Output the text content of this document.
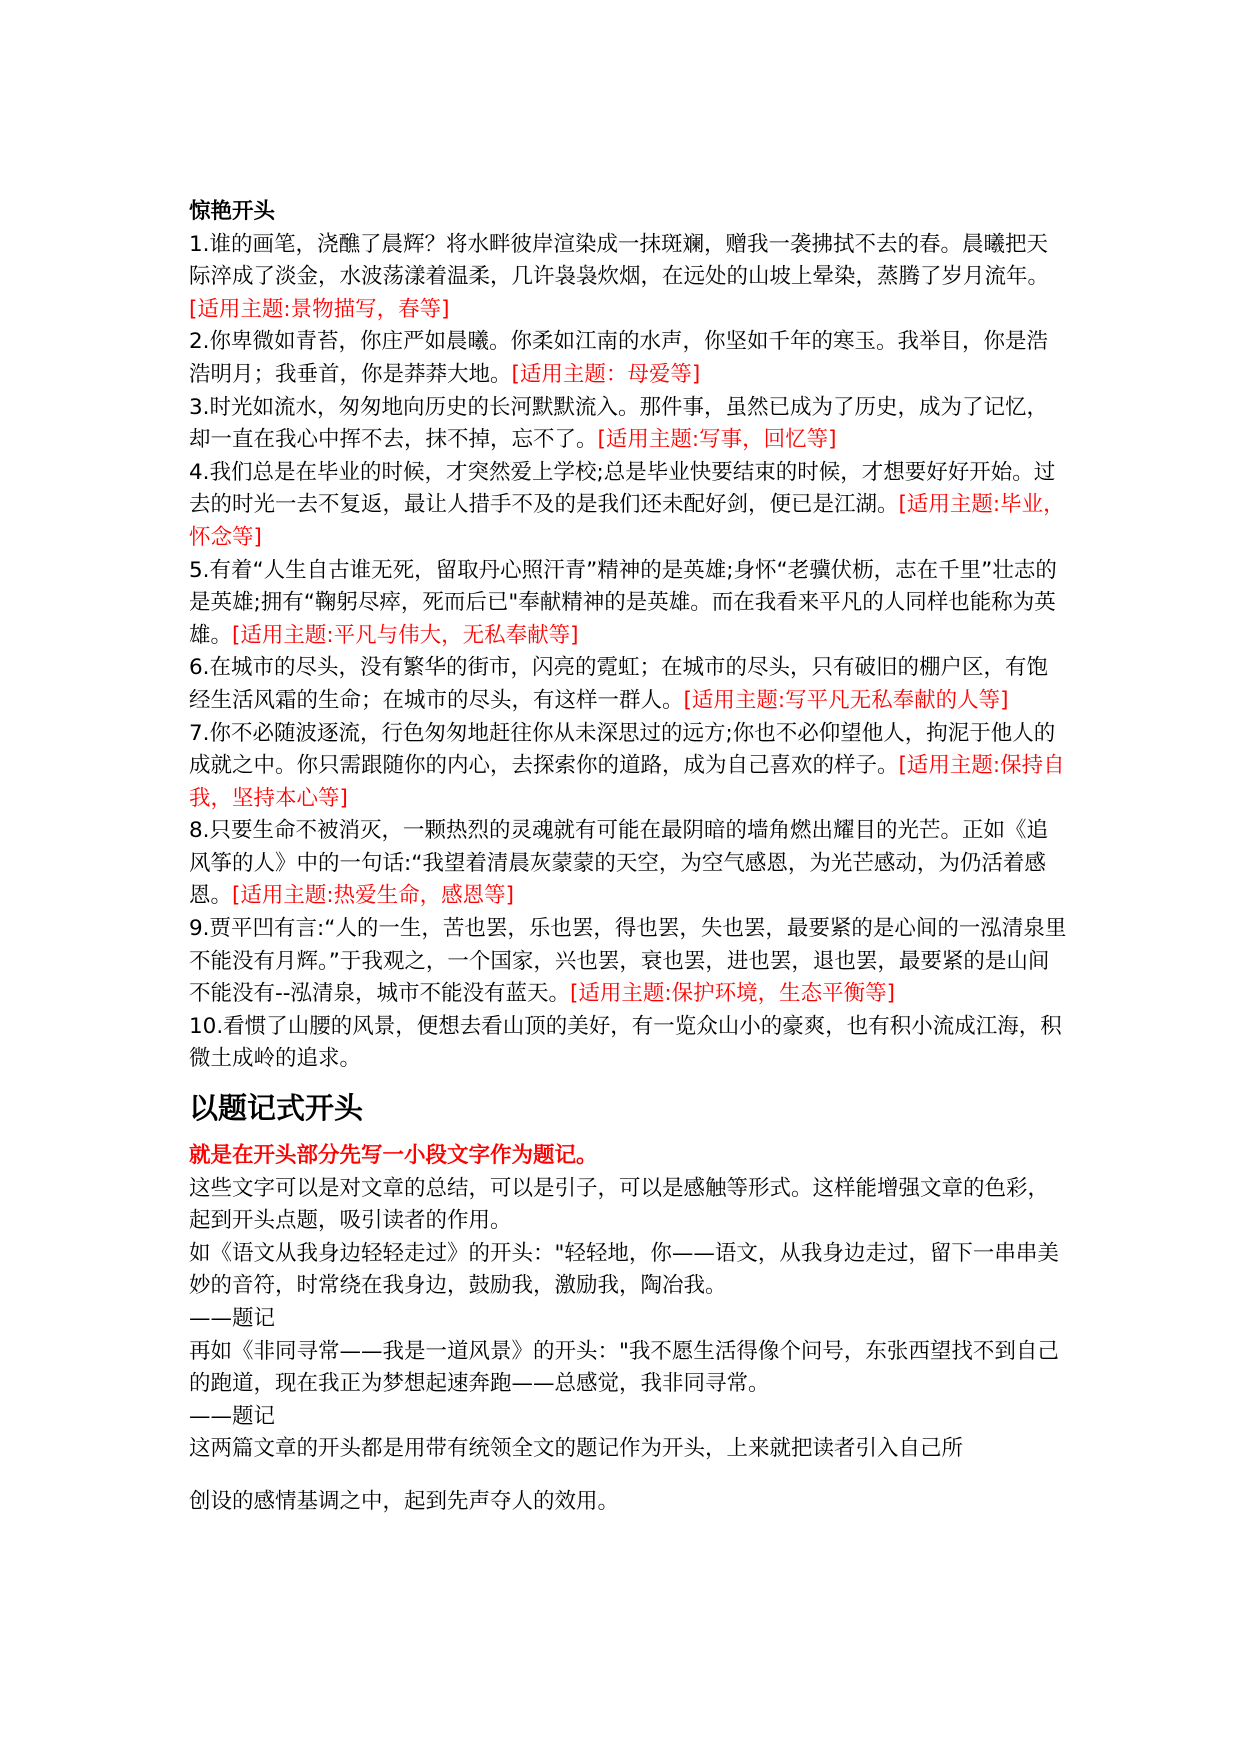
惊艳开头
1.谁的画笔，浇醮了晨辉？将水畔彼岸渲染成一抹斑斓，赠我一袭拂拭不去的春。晨曦把天际淬成了淡金，水波荡漾着温柔，几许袅袅炊烟，在远处的山坡上晕染，蒸腾了岁月流年。[适用主题:景物描写，春等]
2.你卑微如青苔，你庄严如晨曦。你柔如江南的水声，你坚如千年的寒玉。我举目，你是浩浩明月；我垂首，你是莽莽大地。[适用主题：母爱等]
3.时光如流水，匆匆地向历史的长河默默流入。那件事，虽然已成为了历史，成为了记忆，却一直在我心中挥不去，抹不掉，忘不了。[适用主题:写事，回忆等]
4.我们总是在毕业的时候，才突然爱上学校;总是毕业快要结束的时候，才想要好好开始。过去的时光一去不复返，最让人措手不及的是我们还未配好剑，便已是江湖。[适用主题:毕业，怀念等]
5.有着“人生自古谁无死，留取丹心照汗青”精神的是英雄;身怀“老骥伏枥，志在千里”壮志的是英雄;拥有“鞠躬尽瘁，死而后已"奉献精神的是英雄。而在我看来平凡的人同样也能称为英雄。[适用主题:平凡与伟大，无私奉献等]
6.在城市的尽头，没有繁华的街市，闪亮的霓虹；在城市的尽头，只有破旧的棚户区，有饱经生活风霜的生命；在城市的尽头，有这样一群人。[适用主题:写平凡无私奉献的人等]
7.你不必随波逐流，行色匆匆地赶往你从未深思过的远方;你也不必仰望他人，拘泥于他人的成就之中。你只需跟随你的内心，去探索你的道路，成为自己喜欢的样子。[适用主题:保持自我，坚持本心等]
8.只要生命不被消灭，一颗热烈的灵魂就有可能在最阴暗的墙角燃出耀目的光芒。正如《追风筝的人》中的一句话:“我望着清晨灰蒙蒙的天空，为空气感恩，为光芒感动，为仍活着感恩。[适用主题:热爱生命，感恩等]
9.贾平凹有言:“人的一生，苦也罢，乐也罢，得也罢，失也罢，最要紧的是心间的一泓清泉里不能没有月辉。”于我观之，一个国家，兴也罢，衰也罢，进也罢，退也罢，最要紧的是山间不能没有--泓清泉，城市不能没有蓝天。[适用主题:保护环境，生态平衡等]
10.看惯了山腰的风景，便想去看山顶的美好，有一览众山小的豪爽，也有积小流成江海，积微土成岭的追求。
以题记式开头
就是在开头部分先写一小段文字作为题记。
这些文字可以是对文章的总结，可以是引子，可以是感触等形式。这样能增强文章的色彩，起到开头点题，吸引读者的作用。
如《语文从我身边轻轻走过》的开头："轻轻地，你——语文，从我身边走过，留下一串串美妙的音符，时常绕在我身边，鼓励我，激励我，陶冶我。
——题记
再如《非同寻常——我是一道风景》的开头："我不愿生活得像个问号，东张西望找不到自己的跑道，现在我正为梦想起速奔跑——总感觉，我非同寻常。
——题记
这两篇文章的开头都是用带有统领全文的题记作为开头，上来就把读者引入自己所
创设的感情基调之中，起到先声夺人的效用。
